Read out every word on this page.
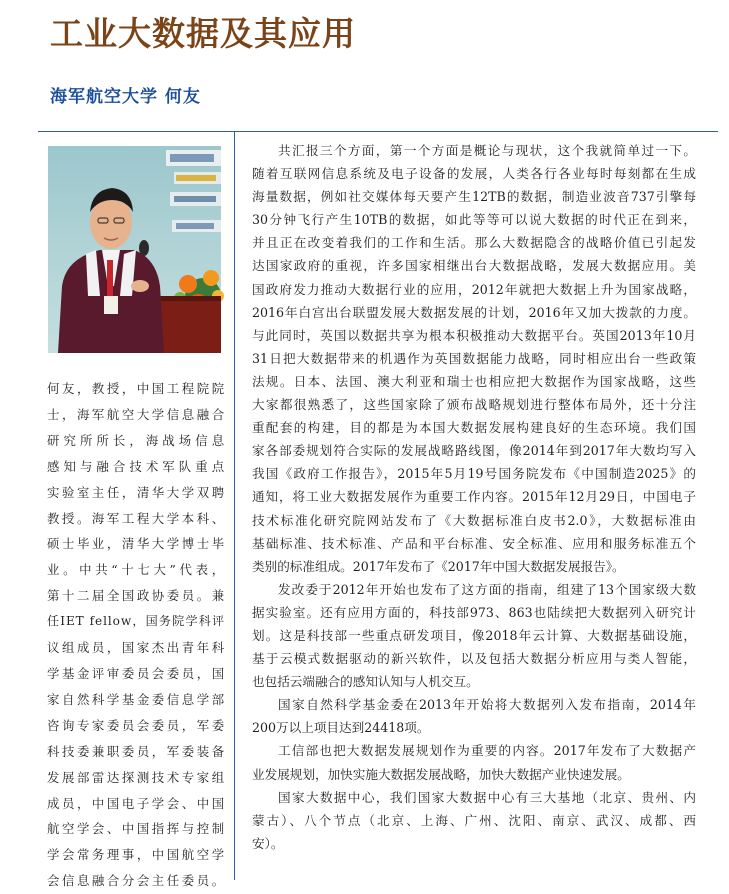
工业大数据及其应用
海军航空大学 何友
何友，教授，中国工程院院
士，海军航空大学信息融合
研究所所长，海战场信息
感知与融合技术军队重点
实验室主任，清华大学双聘
教授。海军工程大学本科、
硕士毕业，清华大学博士毕
业。中共“十七大”代表，
第十二届全国政协委员。兼
任IET fellow，国务院学科评
议组成员，国家杰出青年科
学基金评审委员会委员，国
家自然科学基金委信息学部
咨询专家委员会委员，军委
科技委兼职委员，军委装备
发展部雷达探测技术专家组
成员，中国电子学会、中国
航空学会、中国指挥与控制
学会常务理事，中国航空学
会信息融合分会主任委员。
共汇报三个方面，第一个方面是概论与现状，这个我就简单过一下。
随着互联网信息系统及电子设备的发展，人类各行各业每时每刻都在生成
海量数据，例如社交媒体每天要产生12TB的数据，制造业波音737引擎每
30分钟飞行产生10TB的数据，如此等等可以说大数据的时代正在到来，
并且正在改变着我们的工作和生活。那么大数据隐含的战略价值已引起发
达国家政府的重视，许多国家相继出台大数据战略，发展大数据应用。美
国政府发力推动大数据行业的应用，2012年就把大数据上升为国家战略，
2016年白宫出台联盟发展大数据发展的计划，2016年又加大拨款的力度。
与此同时，英国以数据共享为根本积极推动大数据平台。英国2013年10月
31日把大数据带来的机遇作为英国数据能力战略，同时相应出台一些政策
法规。日本、法国、澳大利亚和瑞士也相应把大数据作为国家战略，这些
大家都很熟悉了，这些国家除了颁布战略规划进行整体布局外，还十分注
重配套的构建，目的都是为本国大数据发展构建良好的生态环境。我们国
家各部委规划符合实际的发展战略路线图，像2014年到2017年大数均写入
我国《政府工作报告》，2015年5月19号国务院发布《中国制造2025》的
通知，将工业大数据发展作为重要工作内容。2015年12月29日，中国电子
技术标准化研究院网站发布了《大数据标准白皮书2.0》，大数据标准由
基础标准、技术标准、产品和平台标准、安全标准、应用和服务标准五个
类别的标准组成。2017年发布了《2017年中国大数据发展报告》。
发改委于2012年开始也发布了这方面的指南，组建了13个国家级大数
据实验室。还有应用方面的，科技部973、863也陆续把大数据列入研究计
划。这是科技部一些重点研发项目，像2018年云计算、大数据基础设施，
基于云模式数据驱动的新兴软件，以及包括大数据分析应用与类人智能，
也包括云端融合的感知认知与人机交互。
国家自然科学基金委在2013年开始将大数据列入发布指南，2014年
200万以上项目达到24418项。
工信部也把大数据发展规划作为重要的内容。2017年发布了大数据产
业发展规划，加快实施大数据发展战略，加快大数据产业快速发展。
国家大数据中心，我们国家大数据中心有三大基地（北京、贵州、内
蒙古）、八个节点（北京、上海、广州、沈阳、南京、武汉、成都、西
安）。
